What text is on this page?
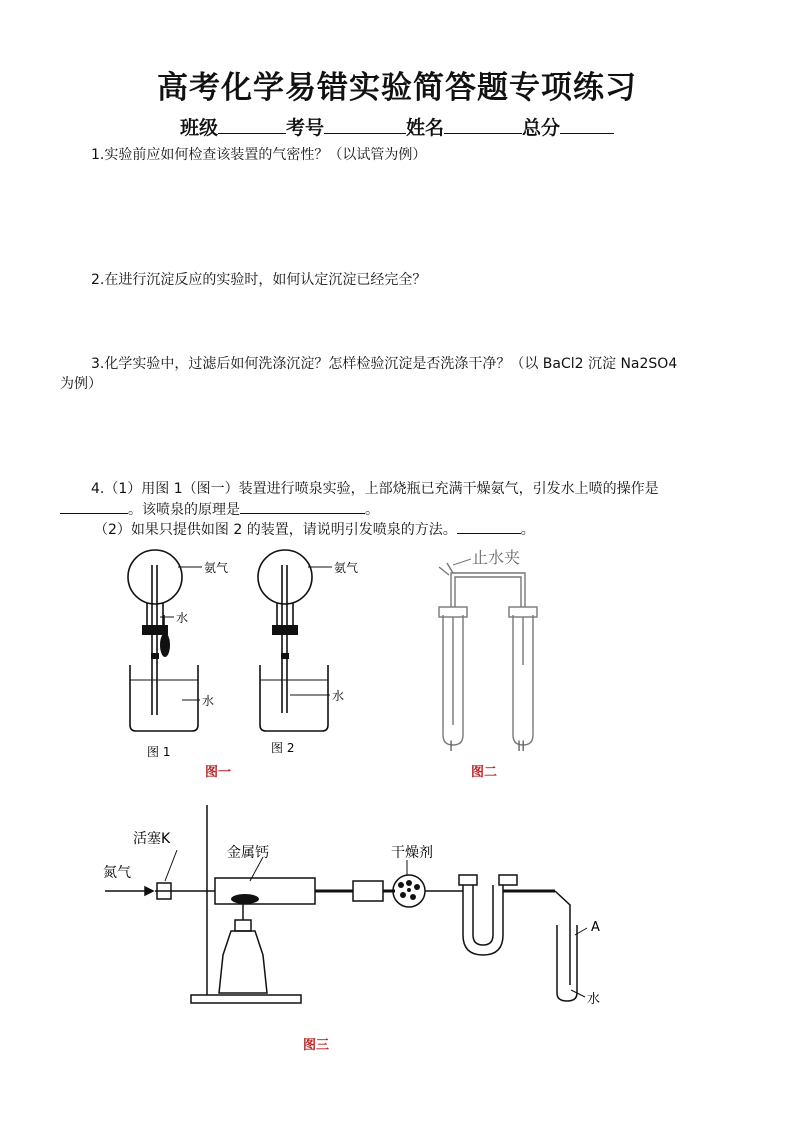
高考化学易错实验简答题专项练习
班级	考号	姓名	总分
1.实验前应如何检查该装置的气密性？（以试管为例）
2.在进行沉淀反应的实验时，如何认定沉淀已经完全？
3.化学实验中，过滤后如何洗涤沉淀？怎样检验沉淀是否洗涤干净？（以 BaCl2 沉淀 Na2SO4
为例）
4.（1）用图 1（图一）装置进行喷泉实验，上部烧瓶已充满干燥氨气，引发水上喷的操作是
。该喷泉的原理是	。
（2）如果只提供如图 2 的装置，请说明引发喷泉的方法。	。
氨气
水
水
氨气
水
图 1	图 2
图一
止水夹
I	II
图二
活塞K
金属钙
氮气
干燥剂
A
水
图三
